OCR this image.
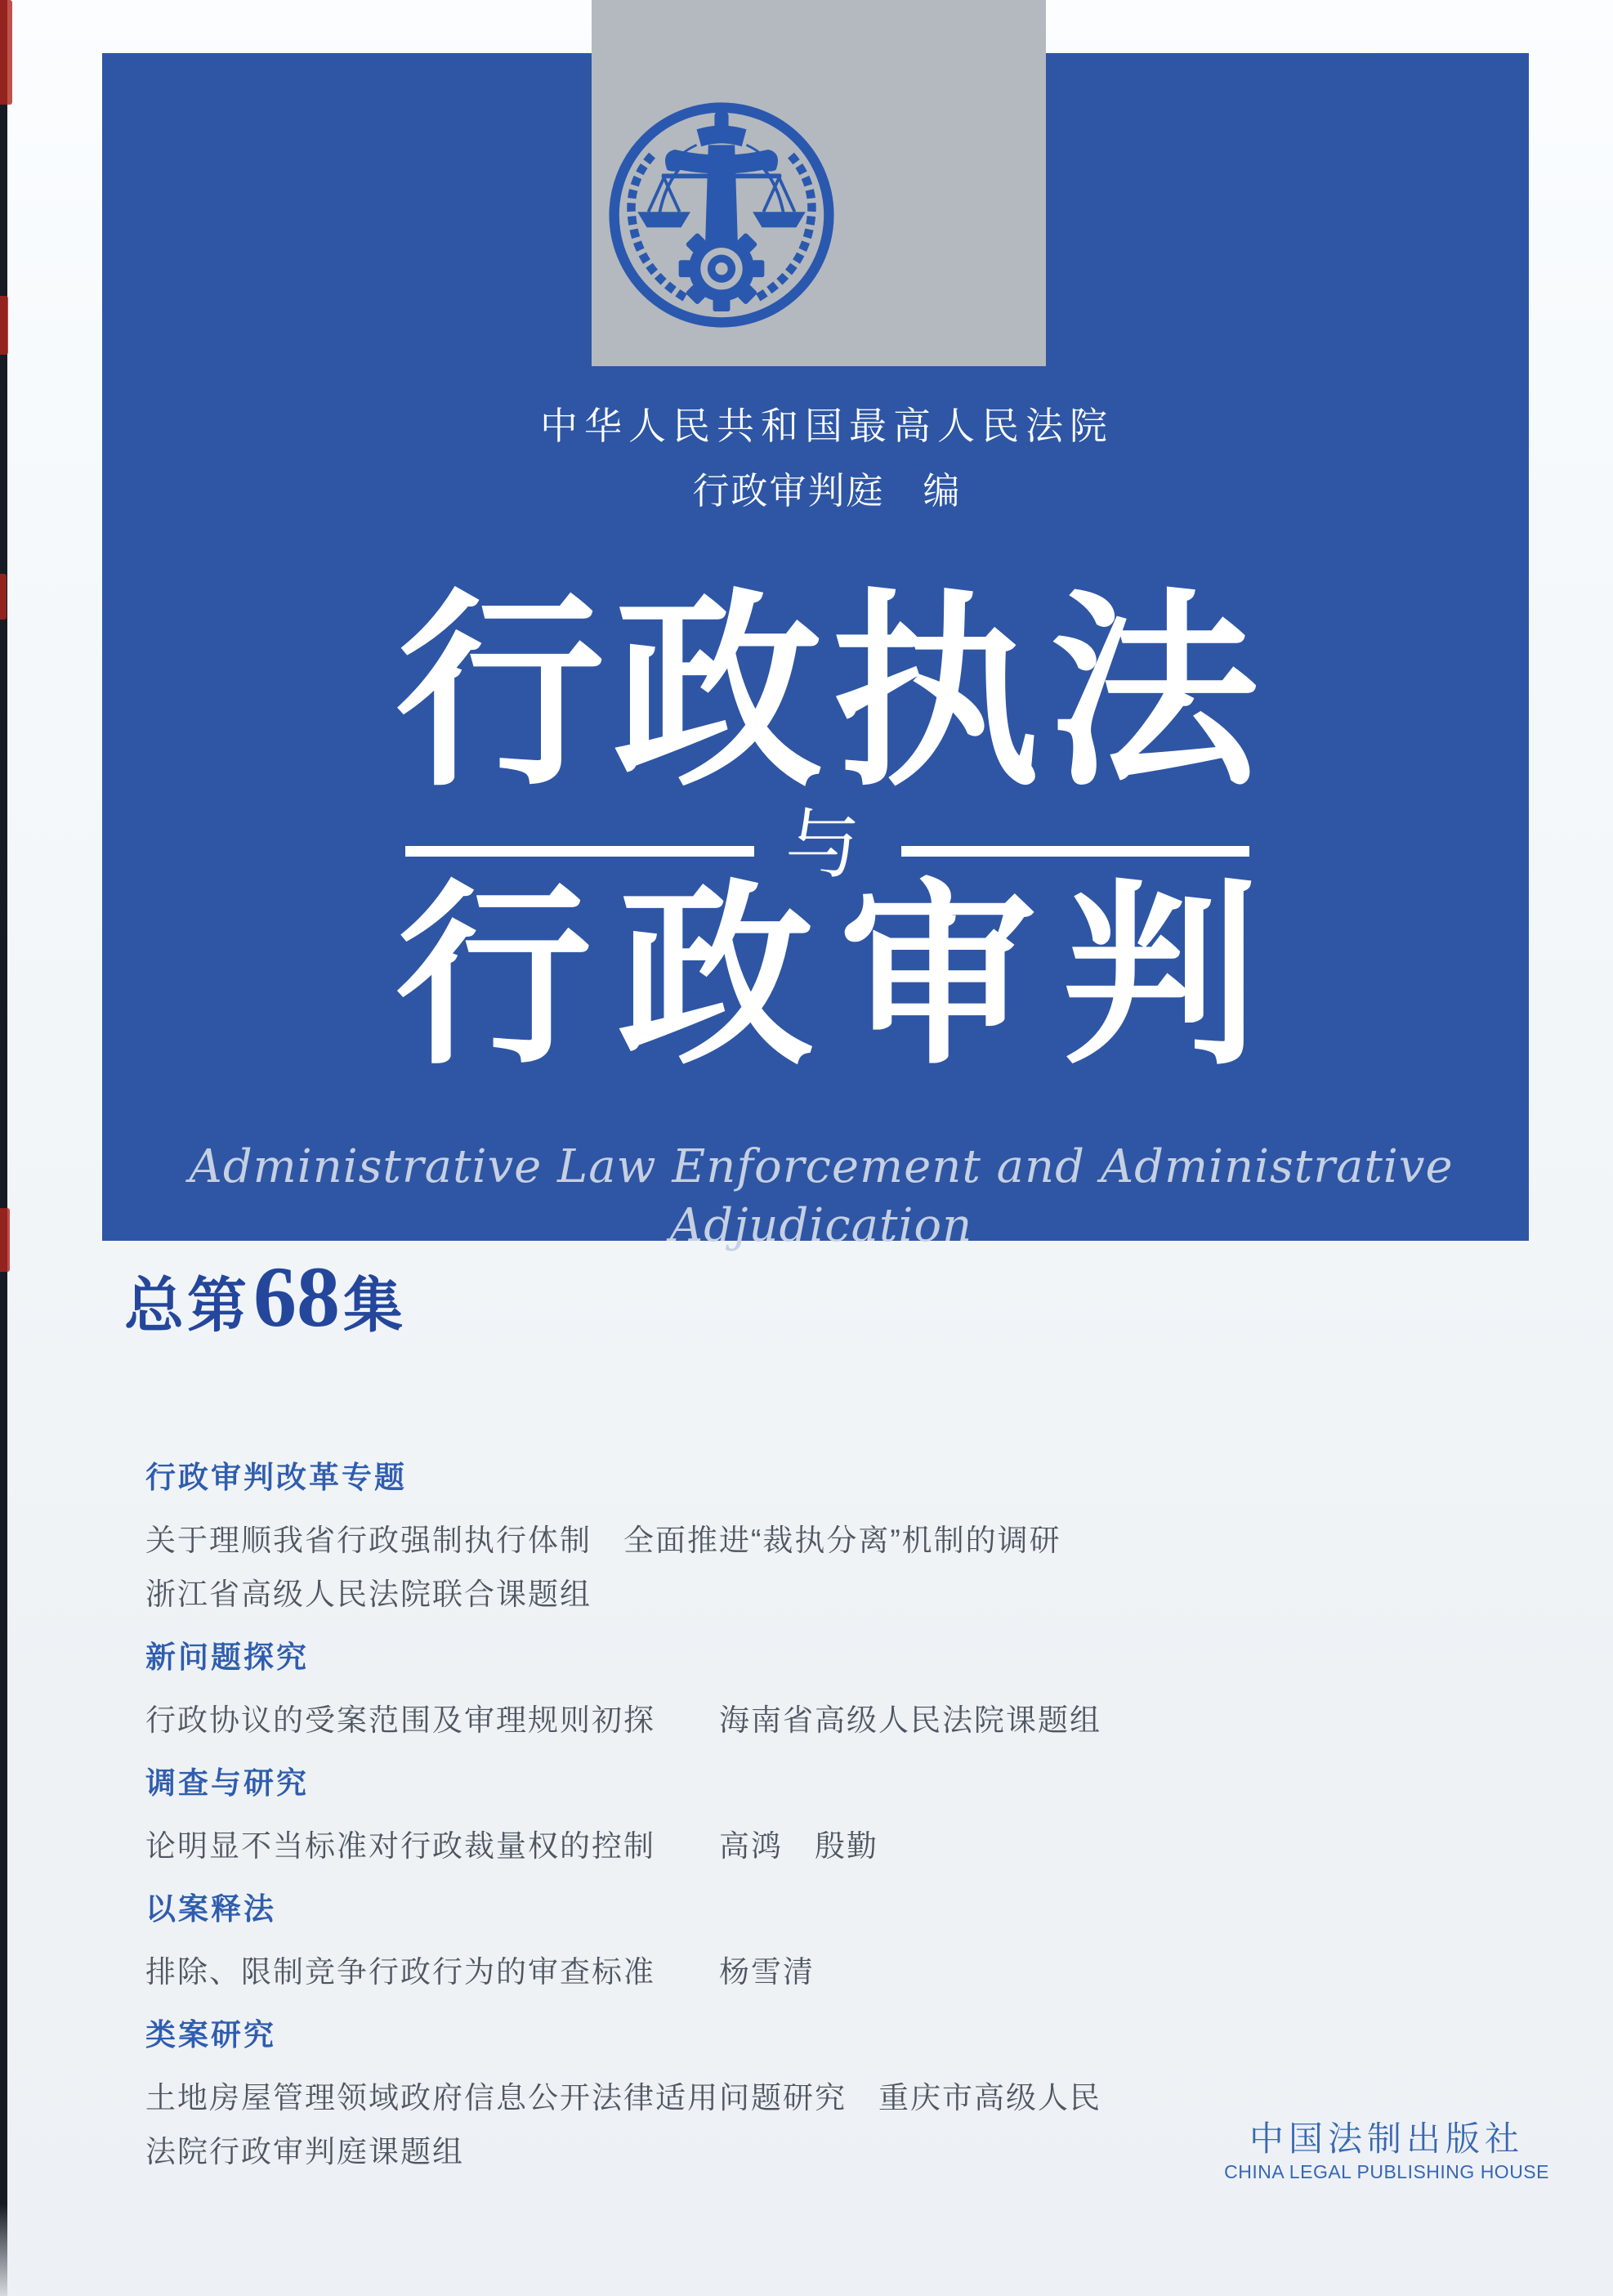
中华人民共和国最高人民法院
行政审判庭　编
行 政 执 法
与
行 政 审 判
Administrative Law Enforcement and Administrative Adjudication
总第 68 集
行政审判改革专题
关于理顺我省行政强制执行体制　全面推进“裁执分离”机制的调研
浙江省高级人民法院联合课题组
新问题探究
行政协议的受案范围及审理规则初探　　海南省高级人民法院课题组
调查与研究
论明显不当标准对行政裁量权的控制　　高鸿　殷勤
以案释法
排除、限制竞争行政行为的审查标准　　杨雪清
类案研究
土地房屋管理领域政府信息公开法律适用问题研究　重庆市高级人民
法院行政审判庭课题组	中国法制出版社
CHINA LEGAL PUBLISHING HOUSE
